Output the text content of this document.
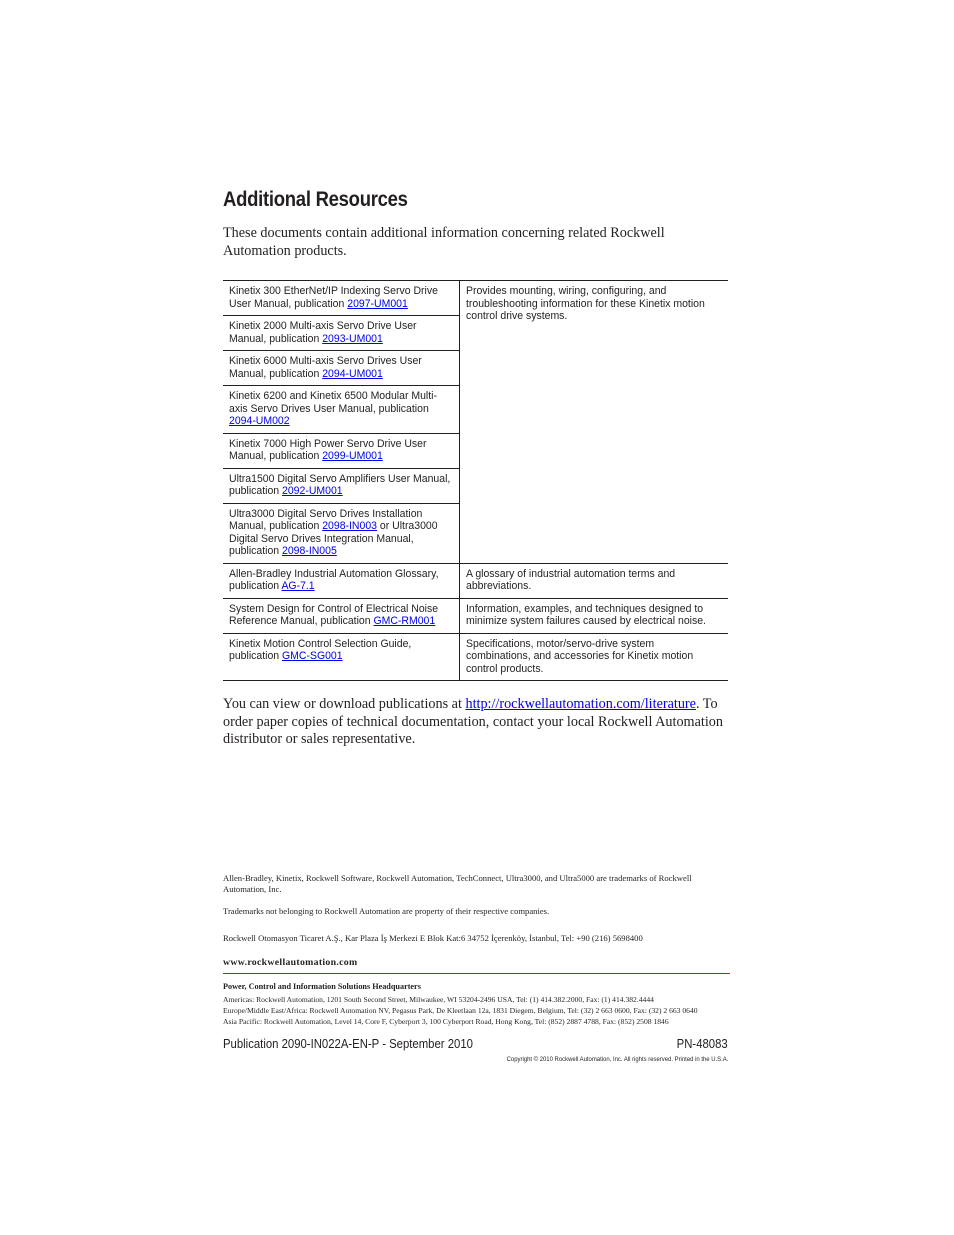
Additional Resources
These documents contain additional information concerning related Rockwell Automation products.
Kinetix 300 EtherNet/IP Indexing Servo Drive User Manual, publication 2097-UM001	Provides mounting, wiring, configuring, and troubleshooting information for these Kinetix motion control drive systems.
Kinetix 2000 Multi-axis Servo Drive User Manual, publication 2093-UM001	
Kinetix 6000 Multi-axis Servo Drives User Manual, publication 2094-UM001	
Kinetix 6200 and Kinetix 6500 Modular Multi-axis Servo Drives User Manual, publication 2094-UM002	
Kinetix 7000 High Power Servo Drive User Manual, publication 2099-UM001	
Ultra1500 Digital Servo Amplifiers User Manual, publication 2092-UM001	
Ultra3000 Digital Servo Drives Installation Manual, publication 2098-IN003 or Ultra3000 Digital Servo Drives Integration Manual, publication 2098-IN005	
Allen-Bradley Industrial Automation Glossary, publication AG-7.1	A glossary of industrial automation terms and abbreviations.
System Design for Control of Electrical Noise Reference Manual, publication GMC-RM001	Information, examples, and techniques designed to minimize system failures caused by electrical noise.
Kinetix Motion Control Selection Guide, publication GMC-SG001	Specifications, motor/servo-drive system combinations, and accessories for Kinetix motion control products.
You can view or download publications at http://rockwellautomation.com/literature. To order paper copies of technical documentation, contact your local Rockwell Automation distributor or sales representative.
Allen-Bradley, Kinetix, Rockwell Software, Rockwell Automation, TechConnect, Ultra3000, and Ultra5000 are trademarks of Rockwell Automation, Inc.
Trademarks not belonging to Rockwell Automation are property of their respective companies.
Rockwell Otomasyon Ticaret A.Ş., Kar Plaza İş Merkezi E Blok Kat:6 34752 İçerenköy, İstanbul, Tel: +90 (216) 5698400
www.rockwellautomation.com
Power, Control and Information Solutions Headquarters
Americas: Rockwell Automation, 1201 South Second Street, Milwaukee, WI 53204-2496 USA, Tel: (1) 414.382.2000, Fax: (1) 414.382.4444
Europe/Middle East/Africa: Rockwell Automation NV, Pegasus Park, De Kleetlaan 12a, 1831 Diegem, Belgium, Tel: (32) 2 663 0600, Fax: (32) 2 663 0640
Asia Pacific: Rockwell Automation, Level 14, Core F, Cyberport 3, 100 Cyberport Road, Hong Kong, Tel: (852) 2887 4788, Fax: (852) 2508 1846
Publication 2090-IN022A-EN-P - September 2010	PN-48083
Copyright © 2010 Rockwell Automation, Inc. All rights reserved. Printed in the U.S.A.
